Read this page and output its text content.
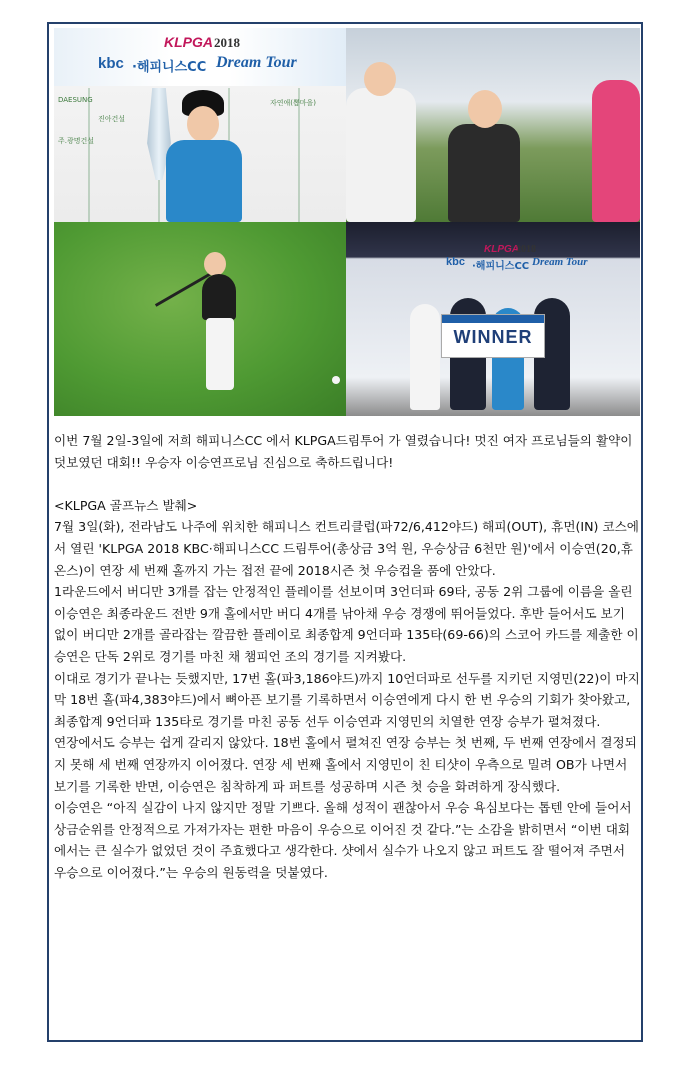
KLPGA 2018
kbc ·해피니스CC Dream Tour
DAESUNG
진아건설
주.광명건설
자연애(뽑마을)
KLPGA
2018
kbc ·해피니스CC Dream Tour
WINNER

이번 7월 2일-3일에 저희 해피니스CC 에서 KLPGA드림투어 가 열렸습니다! 멋진 여자 프로님들의 활약이 덧보였던 대회!! 우승자 이승연프로님 진심으로 축하드립니다!

<KLPGA 골프뉴스 발췌>

7월 3일(화), 전라남도 나주에 위치한 해피니스 컨트리클럽(파72/6,412야드) 해피(OUT), 휴먼(IN) 코스에서 열린 'KLPGA 2018 KBC·해피니스CC 드림투어(총상금 3억 원, 우승상금 6천만 원)'에서 이승연(20,휴온스)이 연장 세 번째 홀까지 가는 접전 끝에 2018시즌 첫 우승컵을 품에 안았다.

1라운드에서 버디만 3개를 잡는 안정적인 플레이를 선보이며 3언더파 69타, 공동 2위 그룹에 이름을 올린 이승연은 최종라운드 전반 9개 홀에서만 버디 4개를 낚아채 우승 경쟁에 뛰어들었다. 후반 들어서도 보기 없이 버디만 2개를 골라잡는 깔끔한 플레이로 최종합계 9언더파 135타(69-66)의 스코어 카드를 제출한 이승연은 단독 2위로 경기를 마친 채 챔피언 조의 경기를 지켜봤다.

이대로 경기가 끝나는 듯했지만, 17번 홀(파3,186야드)까지 10언더파로 선두를 지키던 지영민(22)이 마지막 18번 홀(파4,383야드)에서 뼈아픈 보기를 기록하면서 이승연에게 다시 한 번 우승의 기회가 찾아왔고, 최종합계 9언더파 135타로 경기를 마친 공동 선두 이승연과 지영민의 치열한 연장 승부가 펼쳐졌다.

연장에서도 승부는 쉽게 갈리지 않았다. 18번 홀에서 펼쳐진 연장 승부는 첫 번째, 두 번째 연장에서 결정되지 못해 세 번째 연장까지 이어졌다. 연장 세 번째 홀에서 지영민이 친 티샷이 우측으로 밀려 OB가 나면서 보기를 기록한 반면, 이승연은 침착하게 파 퍼트를 성공하며 시즌 첫 승을 화려하게 장식했다.

이승연은 “아직 실감이 나지 않지만 정말 기쁘다. 올해 성적이 괜찮아서 우승 욕심보다는 톱텐 안에 들어서 상금순위를 안정적으로 가져가자는 편한 마음이 우승으로 이어진 것 같다.”는 소감을 밝히면서 “이번 대회에서는 큰 실수가 없었던 것이 주효했다고 생각한다. 샷에서 실수가 나오지 않고 퍼트도 잘 떨어져 주면서 우승으로 이어졌다.”는 우승의 원동력을 덧붙였다.
